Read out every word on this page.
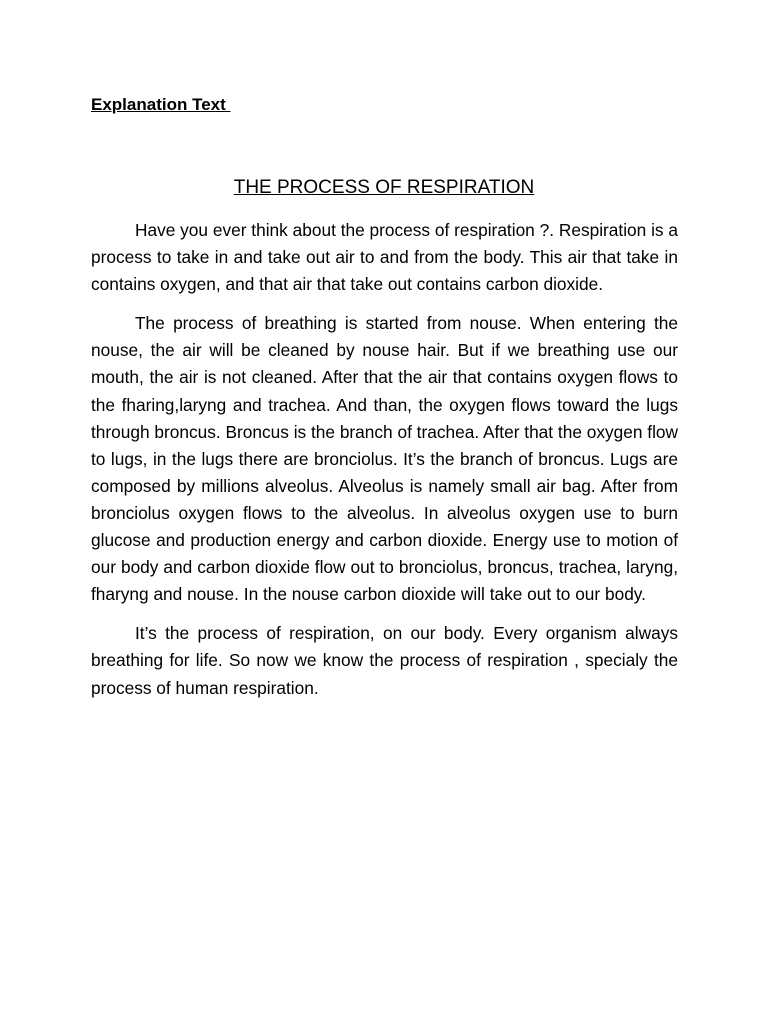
Explanation Text
THE PROCESS OF RESPIRATION

Have you ever think about the process of respiration ?. Respiration is a process to take in and take out air to and from the body. This air that take in contains oxygen, and that air that take out contains carbon dioxide.

The process of breathing is started from nouse. When entering the nouse, the air will be cleaned by nouse hair. But if we breathing use our mouth, the air is not cleaned. After that the air that contains oxygen flows to the fharing,laryng and trachea. And than, the oxygen flows toward the lugs through broncus. Broncus is the branch of trachea. After that the oxygen flow to lugs, in the lugs there are bronciolus. It’s the branch of broncus. Lugs are composed by millions alveolus. Alveolus is namely small air bag. After from bronciolus oxygen flows to the alveolus. In alveolus oxygen use to burn glucose and production energy and carbon dioxide. Energy use to motion of our body and carbon dioxide flow out to bronciolus, broncus, trachea, laryng, fharyng and nouse. In the nouse carbon dioxide will take out to our body.

It’s the process of respiration, on our body. Every organism always breathing for life. So now we know the process of respiration , specialy the process of human respiration.
